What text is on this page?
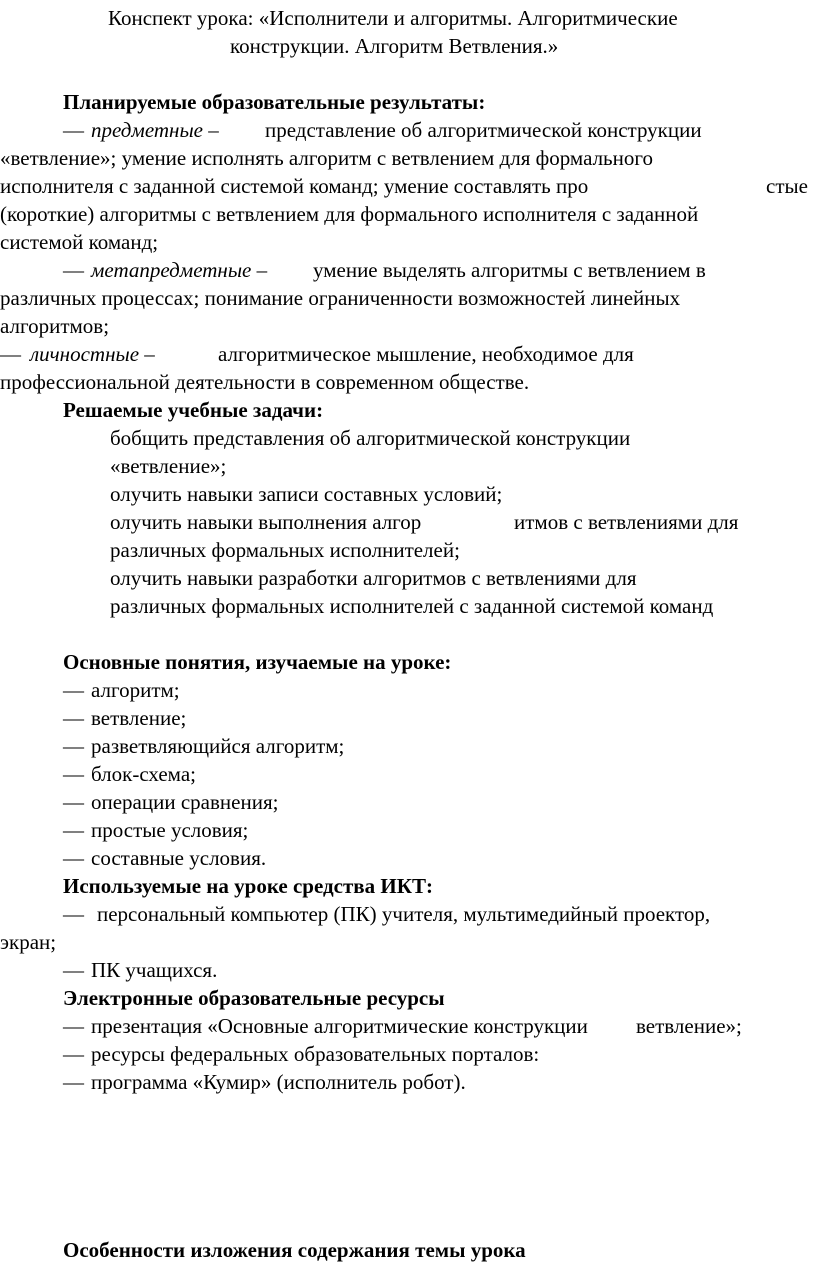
Конспект урока: «Исполнители и алгоритмы. Алгоритмические
конструкции. Алгоритм Ветвления.»
Планируемые образовательные результаты:
— предметные – представление об алгоритмической конструкции
«ветвление»; умение исполнять алгоритм с ветвлением для формального
исполнителя с заданной системой команд; умение составлять про	стые
(короткие) алгоритмы с ветвлением для формального исполнителя с заданной
системой команд;
— метапредметные – умение выделять алгоритмы с ветвлением в
различных процессах; понимание ограниченности возможностей линейных
алгоритмов;
— личностные –	алгоритмическое мышление, необходимое для
профессиональной деятельности в современном обществе.
Решаемые учебные задачи:
бобщить представления об алгоритмической конструкции
«ветвление»;
олучить навыки записи составных условий;
олучить навыки выполнения алгор	итмов с ветвлениями для
различных формальных исполнителей;
олучить навыки разработки алгоритмов с ветвлениями для
различных формальных исполнителей с заданной системой команд
Основные понятия, изучаемые на уроке:
— алгоритм;
— ветвление;
— разветвляющийся алгоритм;
— блок-схема;
— операции сравнения;
— простые условия;
— составные условия.
Используемые на уроке средства ИКТ:
— персональный компьютер (ПК) учителя, мультимедийный проектор,
экран;
— ПК учащихся.
Электронные образовательные ресурсы
— презентация «Основные алгоритмические конструкции ветвление»;
— ресурсы федеральных образовательных порталов:
— программа «Кумир» (исполнитель робот).
Особенности изложения содержания темы урока
